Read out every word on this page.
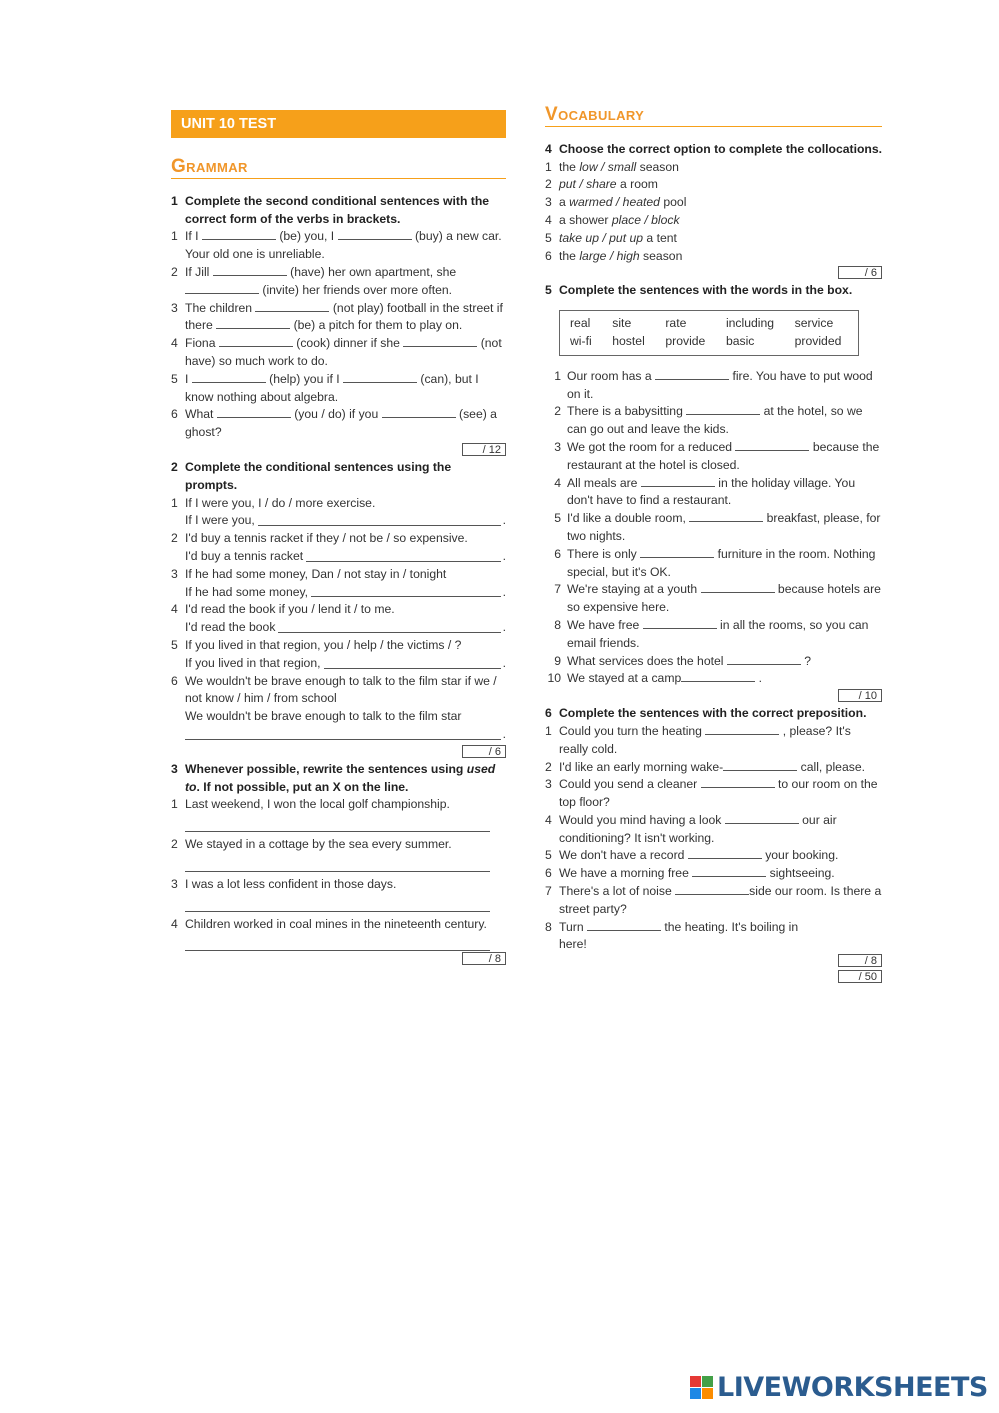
UNIT 10 TEST
Grammar
1 Complete the second conditional sentences with the correct form of the verbs in brackets.
1 If I	(be) you, I	(buy) a new car. Your old one is unreliable.
2 If Jill	(have) her own apartment, she  (invite) her friends over more often.
3 The children	(not play) football in the street if there	(be) a pitch for them to play on.
4 Fiona	(cook) dinner if she	(not have) so much work to do.
5 I	(help) you if I	(can), but I know nothing about algebra.
6 What	(you / do) if you	(see) a ghost?
/ 12
2 Complete the conditional sentences using the prompts.
1 If I were you, I / do / more exercise.
If I were you,	.
2 I'd buy a tennis racket if they / not be / so expensive.
I'd buy a tennis racket	.
3 If he had some money, Dan / not stay in / tonight
If he had some money,	.
4 I'd read the book if you / lend it / to me.
I'd read the book	.
5 If you lived in that region, you / help / the victims / ?
If you lived in that region,	.
6 We wouldn't be brave enough to talk to the film star if we / not know / him / from school
We wouldn't be brave enough to talk to the film star
.
/ 6
3 Whenever possible, rewrite the sentences using used to. If not possible, put an X on the line.
1 Last weekend, I won the local golf championship.
2 We stayed in a cottage by the sea every summer.
3 I was a lot less confident in those days.
4 Children worked in coal mines in the nineteenth century.
/ 8
Vocabulary
4 Choose the correct option to complete the collocations.
1 the low / small season
2 put / share a room
3 a warmed / heated pool
4 a shower place / block
5 take up / put up a tent
6 the large / high season
/ 6
5 Complete the sentences with the words in the box.
real	site	rate	including	service
wi-fi	hostel	provide	basic	provided
1 Our room has a	fire. You have to put wood on it.
2 There is a babysitting	at the hotel, so we can go out and leave the kids.
3 We got the room for a reduced	because the restaurant at the hotel is closed.
4 All meals are	in the holiday village. You don't have to find a restaurant.
5 I'd like a double room,	breakfast, please, for two nights.
6 There is only	furniture in the room. Nothing special, but it's OK.
7 We're staying at a youth	because hotels are so expensive here.
8 We have free	in all the rooms, so you can email friends.
9 What services does the hotel	?
10 We stayed at a camp	.
/ 10
6 Complete the sentences with the correct preposition.
1 Could you turn the heating	, please? It's really cold.
2 I'd like an early morning wake-	call, please.
3 Could you send a cleaner	to our room on the top floor?
4 Would you mind having a look	our air conditioning? It isn't working.
5 We don't have a record	your booking.
6 We have a morning free	sightseeing.
7 There's a lot of noise	side our room. Is there a street party?
8 Turn	the heating. It's boiling in here!
/ 8
/ 50
LIVEWORKSHEETS
